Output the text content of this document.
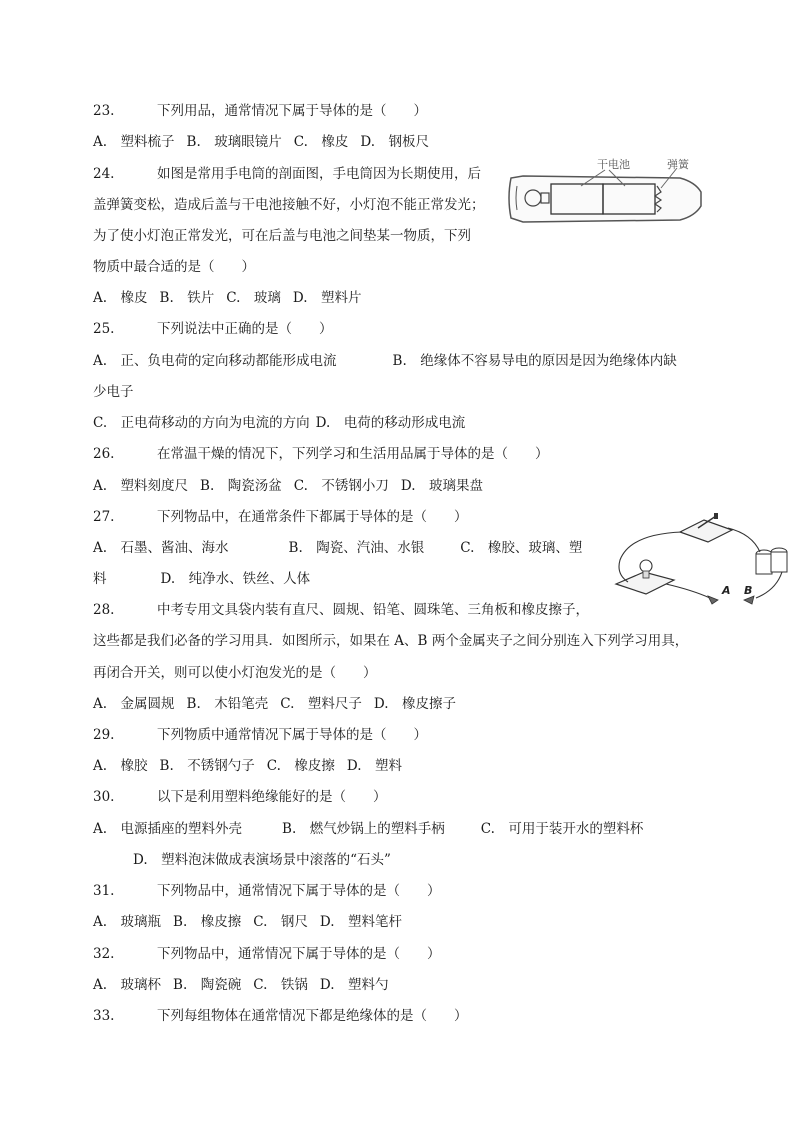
23.	下列用品，通常情况下属于导体的是（　　）
A.　塑料梳子 B.　玻璃眼镜片 C.　橡皮 D.　钢板尺
24.	如图是常用手电筒的剖面图，手电筒因为长期使用，后
盖弹簧变松，造成后盖与干电池接触不好，小灯泡不能正常发光；
为了使小灯泡正常发光，可在后盖与电池之间垫某一物质，下列
物质中最合适的是（　　）
干电池	弹簧
A.　橡皮 B.　铁片 C.　玻璃 D.　塑料片
25.	下列说法中正确的是（　　）
A.　正、负电荷的定向移动都能形成电流	B.　绝缘体不容易导电的原因是因为绝缘体内缺
少电子
C.　正电荷移动的方向为电流的方向 D.　电荷的移动形成电流
26.	在常温干燥的情况下，下列学习和生活用品属于导体的是（　　）
A.　塑料刻度尺 B.　陶瓷汤盆 C.　不锈钢小刀 D.　玻璃果盘
27.	下列物品中，在通常条件下都属于导体的是（　　）
A.　石墨、酱油、海水	B.　陶瓷、汽油、水银	C.　橡胶、玻璃、塑
料	D.　纯净水、铁丝、人体
A B
28.	中考专用文具袋内装有直尺、圆规、铅笔、圆珠笔、三角板和橡皮擦子，
这些都是我们必备的学习用具．如图所示，如果在 A、B 两个金属夹子之间分别连入下列学习用具，
再闭合开关，则可以使小灯泡发光的是（　　）
A.　金属圆规 B.　木铅笔壳 C.　塑料尺子 D.　橡皮擦子
29.	下列物质中通常情况下属于导体的是（　　）
A.　橡胶 B.　不锈钢勺子 C.　橡皮擦 D.　塑料
30.	以下是利用塑料绝缘能好的是（　　）
A.　电源插座的塑料外壳	B.　燃气炒锅上的塑料手柄	C.　可用于装开水的塑料杯
D.　塑料泡沫做成表演场景中滚落的“石头”
31.	下列物品中，通常情况下属于导体的是（　　）
A.　玻璃瓶 B.　橡皮擦 C.　钢尺 D.　塑料笔杆
32.	下列物品中，通常情况下属于导体的是（　　）
A.　玻璃杯 B.　陶瓷碗 C.　铁锅 D.　塑料勺
33.	下列每组物体在通常情况下都是绝缘体的是（　　）
